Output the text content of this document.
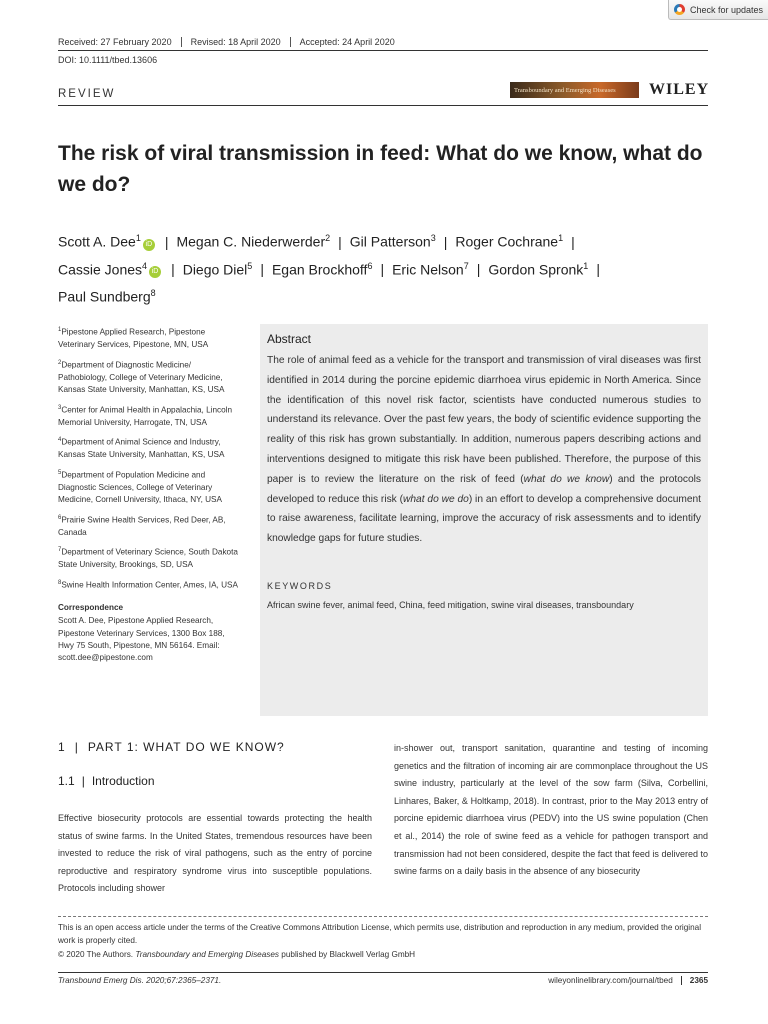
Check for updates
Received: 27 February 2020	Revised: 18 April 2020	Accepted: 24 April 2020
DOI: 10.1111/tbed.13606
REVIEW	Transboundary and Emerging Diseases	WILEY
The risk of viral transmission in feed: What do we know, what do we do?
Scott A. Dee$^1$iD | Megan C. Niederwerder$^2$ | Gil Patterson$^3$ | Roger Cochrane$^1$ |
Cassie Jones$^4$iD | Diego Diel$^5$ | Egan Brockhoff$^6$ | Eric Nelson$^7$ | Gordon Spronk$^1$ |
Paul Sundberg$^8$

$^1$Pipestone Applied Research, Pipestone Veterinary Services, Pipestone, MN, USA

$^2$Department of Diagnostic Medicine/ Pathobiology, College of Veterinary Medicine, Kansas State University, Manhattan, KS, USA

$^3$Center for Animal Health in Appalachia, Lincoln Memorial University, Harrogate, TN, USA

$^4$Department of Animal Science and Industry, Kansas State University, Manhattan, KS, USA

$^5$Department of Population Medicine and Diagnostic Sciences, College of Veterinary Medicine, Cornell University, Ithaca, NY, USA

$^6$Prairie Swine Health Services, Red Deer, AB, Canada

$^7$Department of Veterinary Science, South Dakota State University, Brookings, SD, USA

$^8$Swine Health Information Center, Ames, IA, USA

Correspondence

Scott A. Dee, Pipestone Applied Research, Pipestone Veterinary Services, 1300 Box 188, Hwy 75 South, Pipestone, MN 56164. Email: scott.dee@pipestone.com

Abstract
The role of animal feed as a vehicle for the transport and transmission of viral diseases was first identified in 2014 during the porcine epidemic diarrhoea virus epidemic in North America. Since the identification of this novel risk factor, scientists have conducted numerous studies to understand its relevance. Over the past few years, the body of scientific evidence supporting the reality of this risk has grown substantially. In addition, numerous papers describing actions and interventions designed to mitigate this risk have been published. Therefore, the purpose of this paper is to review the literature on the risk of feed (what do we know) and the protocols developed to reduce this risk (what do we do) in an effort to develop a comprehensive document to raise awareness, facilitate learning, improve the accuracy of risk assessments and to identify knowledge gaps for future studies.
KEYWORDS
African swine fever, animal feed, China, feed mitigation, swine viral diseases, transboundary
1 | PART 1: WHAT DO WE KNOW?
1.1 | Introduction
Effective biosecurity protocols are essential towards protecting the health status of swine farms. In the United States, tremendous resources have been invested to reduce the risk of viral pathogens, such as the entry of porcine reproductive and respiratory syndrome virus into susceptible populations. Protocols including shower
in-shower out, transport sanitation, quarantine and testing of incoming genetics and the filtration of incoming air are commonplace throughout the US swine industry, particularly at the level of the sow farm (Silva, Corbellini, Linhares, Baker, & Holtkamp, 2018). In contrast, prior to the May 2013 entry of porcine epidemic diarrhoea virus (PEDV) into the US swine population (Chen et al., 2014) the role of swine feed as a vehicle for pathogen transport and transmission had not been considered, despite the fact that feed is delivered to swine farms on a daily basis in the absence of any biosecurity
This is an open access article under the terms of the Creative Commons Attribution License, which permits use, distribution and reproduction in any medium, provided the original work is properly cited.
© 2020 The Authors. Transboundary and Emerging Diseases published by Blackwell Verlag GmbH
Transbound Emerg Dis. 2020;67:2365–2371.	wileyonlinelibrary.com/journal/tbed	2365
